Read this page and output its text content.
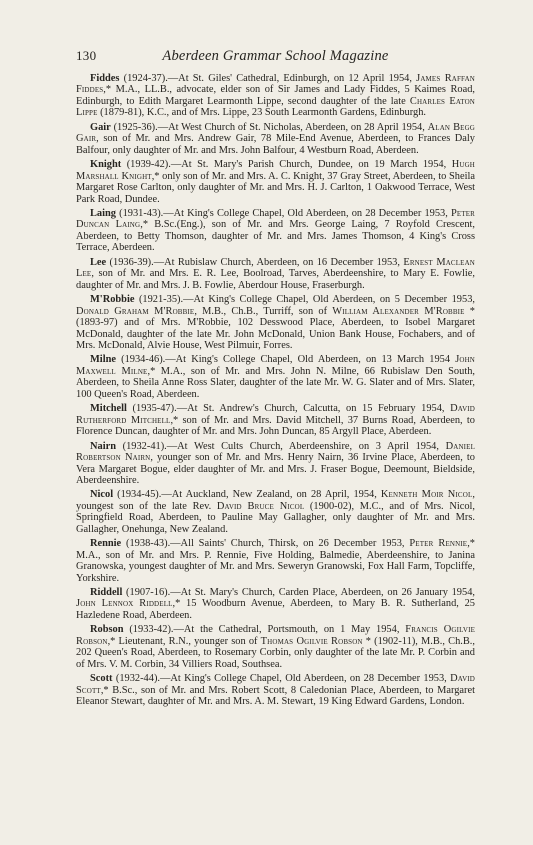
130	Aberdeen Grammar School Magazine

Fiddes (1924-37).—At St. Giles' Cathedral, Edinburgh, on 12 April 1954, James Raffan Fiddes,* M.A., LL.B., advocate, elder son of Sir James and Lady Fiddes, 5 Kaimes Road, Edinburgh, to Edith Margaret Learmonth Lippe, second daughter of the late Charles Eaton Lippe (1879-81), K.C., and of Mrs. Lippe, 23 South Learmonth Gardens, Edinburgh.

Gair (1925-36).—At West Church of St. Nicholas, Aberdeen, on 28 April 1954, Alan Begg Gair, son of Mr. and Mrs. Andrew Gair, 78 Mile-End Avenue, Aberdeen, to Frances Daly Balfour, only daughter of Mr. and Mrs. John Balfour, 4 Westburn Road, Aberdeen.

Knight (1939-42).—At St. Mary's Parish Church, Dundee, on 19 March 1954, Hugh Marshall Knight,* only son of Mr. and Mrs. A. C. Knight, 37 Gray Street, Aberdeen, to Sheila Margaret Rose Carlton, only daughter of Mr. and Mrs. H. J. Carlton, 1 Oakwood Terrace, West Park Road, Dundee.

Laing (1931-43).—At King's College Chapel, Old Aberdeen, on 28 December 1953, Peter Duncan Laing,* B.Sc.(Eng.), son of Mr. and Mrs. George Laing, 7 Royfold Crescent, Aberdeen, to Betty Thomson, daughter of Mr. and Mrs. James Thomson, 4 King's Cross Terrace, Aberdeen.

Lee (1936-39).—At Rubislaw Church, Aberdeen, on 16 December 1953, Ernest Maclean Lee, son of Mr. and Mrs. E. R. Lee, Boolroad, Tarves, Aberdeenshire, to Mary E. Fowlie, daughter of Mr. and Mrs. J. B. Fowlie, Aberdour House, Fraserburgh.

M'Robbie (1921-35).—At King's College Chapel, Old Aberdeen, on 5 December 1953, Donald Graham M'Robbie, M.B., Ch.B., Turriff, son of William Alexander M'Robbie * (1893-97) and of Mrs. M'Robbie, 102 Desswood Place, Aberdeen, to Isobel Margaret McDonald, daughter of the late Mr. John McDonald, Union Bank House, Fochabers, and of Mrs. McDonald, Alvie House, West Pilmuir, Forres.

Milne (1934-46).—At King's College Chapel, Old Aberdeen, on 13 March 1954 John Maxwell Milne,* M.A., son of Mr. and Mrs. John N. Milne, 66 Rubislaw Den South, Aberdeen, to Sheila Anne Ross Slater, daughter of the late Mr. W. G. Slater and of Mrs. Slater, 100 Queen's Road, Aberdeen.

Mitchell (1935-47).—At St. Andrew's Church, Calcutta, on 15 February 1954, David Rutherford Mitchell,* son of Mr. and Mrs. David Mitchell, 37 Burns Road, Aberdeen, to Florence Duncan, daughter of Mr. and Mrs. John Duncan, 85 Argyll Place, Aberdeen.

Nairn (1932-41).—At West Cults Church, Aberdeenshire, on 3 April 1954, Daniel Robertson Nairn, younger son of Mr. and Mrs. Henry Nairn, 36 Irvine Place, Aberdeen, to Vera Margaret Bogue, elder daughter of Mr. and Mrs. J. Fraser Bogue, Deemount, Bieldside, Aberdeenshire.

Nicol (1934-45).—At Auckland, New Zealand, on 28 April, 1954, Kenneth Moir Nicol, youngest son of the late Rev. David Bruce Nicol (1900-02), M.C., and of Mrs. Nicol, Springfield Road, Aberdeen, to Pauline May Gallagher, only daughter of Mr. and Mrs. Gallagher, Onehunga, New Zealand.

Rennie (1938-43).—All Saints' Church, Thirsk, on 26 December 1953, Peter Rennie,* M.A., son of Mr. and Mrs. P. Rennie, Five Holding, Balmedie, Aberdeenshire, to Janina Granowska, youngest daughter of Mr. and Mrs. Seweryn Granowski, Fox Hall Farm, Topcliffe, Yorkshire.

Riddell (1907-16).—At St. Mary's Church, Carden Place, Aberdeen, on 26 January 1954, John Lennox Riddell,* 15 Woodburn Avenue, Aberdeen, to Mary B. R. Sutherland, 25 Hazledene Road, Aberdeen.

Robson (1933-42).—At the Cathedral, Portsmouth, on 1 May 1954, Francis Ogilvie Robson,* Lieutenant, R.N., younger son of Thomas Ogilvie Robson * (1902-11), M.B., Ch.B., 202 Queen's Road, Aberdeen, to Rosemary Corbin, only daughter of the late Mr. P. Corbin and of Mrs. V. M. Corbin, 34 Villiers Road, Southsea.

Scott (1932-44).—At King's College Chapel, Old Aberdeen, on 28 December 1953, David Scott,* B.Sc., son of Mr. and Mrs. Robert Scott, 8 Caledonian Place, Aberdeen, to Margaret Eleanor Stewart, daughter of Mr. and Mrs. A. M. Stewart, 19 King Edward Gardens, London.
